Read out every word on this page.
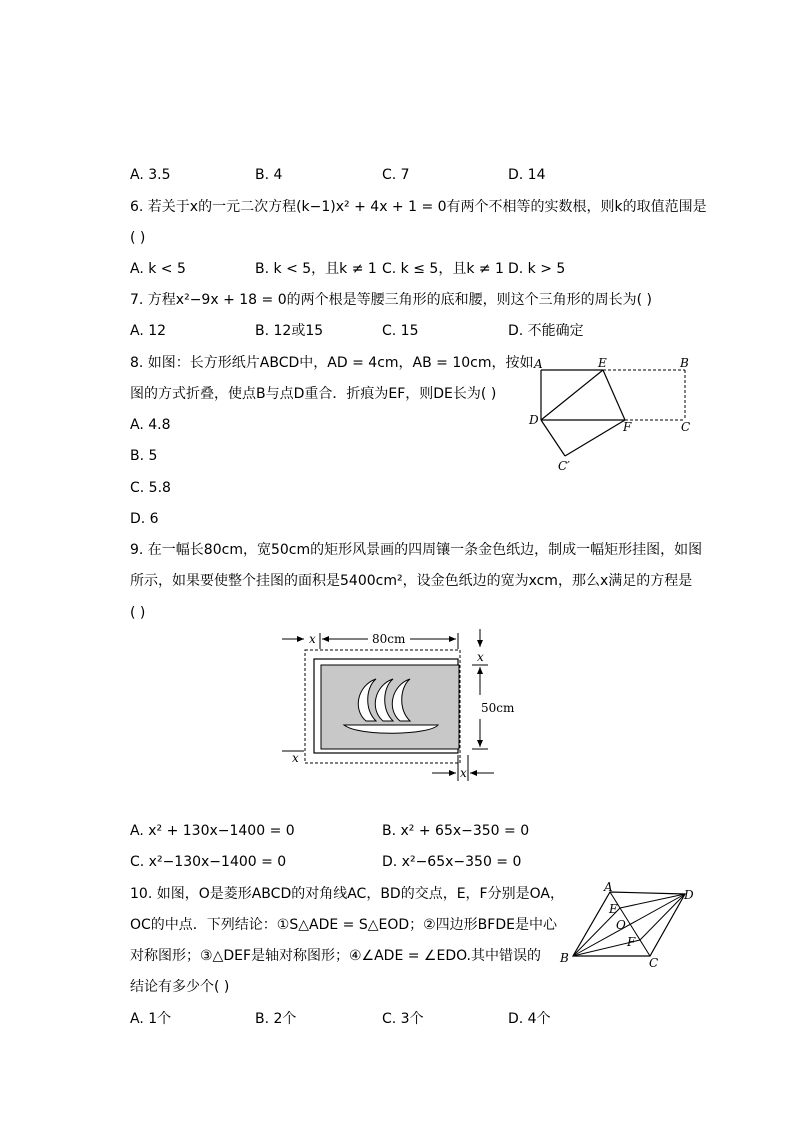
A. 3.5	B. 4	C. 7	D. 14
6. 若关于x的一元二次方程(k−1)x² + 4x + 1 = 0有两个不相等的实数根，则k的取值范围是
( )
A. k < 5	B. k < 5，且k ≠ 1 C. k ≤ 5，且k ≠ 1 D. k > 5
7. 方程x²−9x + 18 = 0的两个根是等腰三角形的底和腰，则这个三角形的周长为( )
A. 12	B. 12或15	C. 15	D. 不能确定
8. 如图：长方形纸片ABCD中，AD = 4cm，AB = 10cm，按如
图的方式折叠，使点B与点D重合．折痕为EF，则DE长为( )
A. 4.8
B. 5
C. 5.8
D. 6
A	E	B
D	F	C
C′
9. 在一幅长80cm，宽50cm的矩形风景画的四周镶一条金色纸边，制成一幅矩形挂图，如图
所示，如果要使整个挂图的面积是5400cm²，设金色纸边的宽为xcm，那么x满足的方程是
( )
80cm
x
50cm
x
x
x
A. x² + 130x−1400 = 0	B. x² + 65x−350 = 0
C. x²−130x−1400 = 0	D. x²−65x−350 = 0
10. 如图，O是菱形ABCD的对角线AC，BD的交点，E，F分别是OA，
OC的中点．下列结论：①S△ADE = S△EOD；②四边形BFDE是中心
对称图形；③△DEF是轴对称图形；④∠ADE = ∠EDO.其中错误的
结论有多少个( )
A
D
E
O
F
B	C
A. 1个	B. 2个	C. 3个	D. 4个
